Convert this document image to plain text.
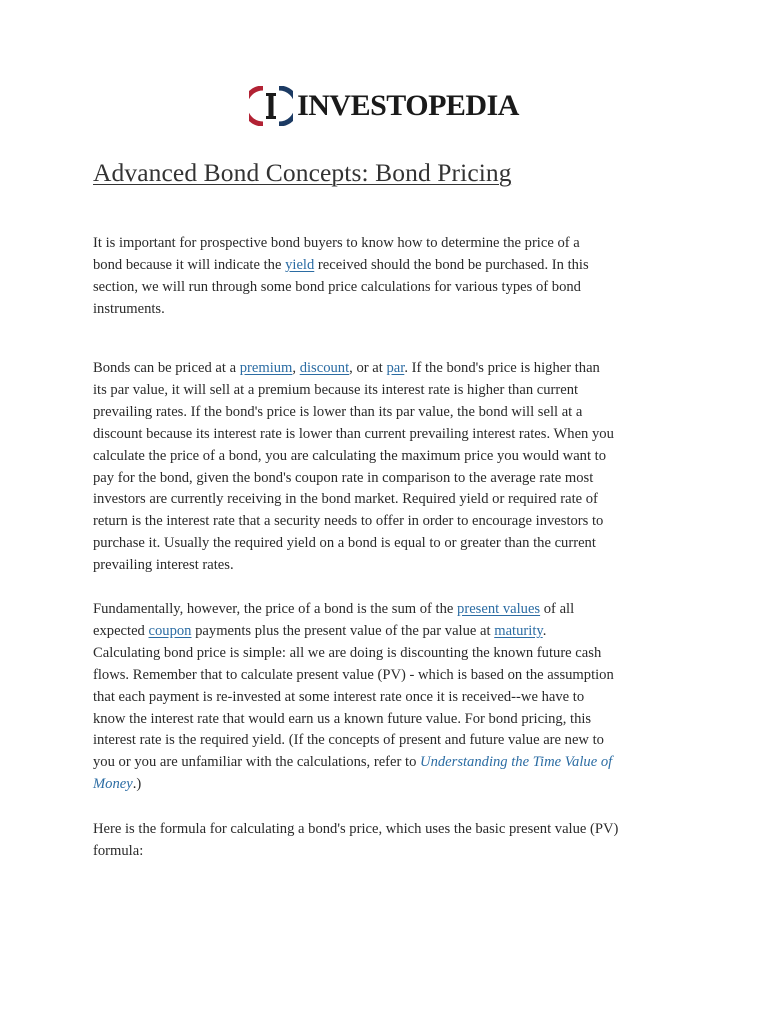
INVESTOPEDIA
Advanced Bond Concepts: Bond Pricing
It is important for prospective bond buyers to know how to determine the price of a
bond because it will indicate the yield received should the bond be purchased. In this
section, we will run through some bond price calculations for various types of bond
instruments.
Bonds can be priced at a premium, discount, or at par. If the bond's price is higher than
its par value, it will sell at a premium because its interest rate is higher than current
prevailing rates. If the bond's price is lower than its par value, the bond will sell at a
discount because its interest rate is lower than current prevailing interest rates. When you
calculate the price of a bond, you are calculating the maximum price you would want to
pay for the bond, given the bond's coupon rate in comparison to the average rate most
investors are currently receiving in the bond market. Required yield or required rate of
return is the interest rate that a security needs to offer in order to encourage investors to
purchase it. Usually the required yield on a bond is equal to or greater than the current
prevailing interest rates.
Fundamentally, however, the price of a bond is the sum of the present values of all
expected coupon payments plus the present value of the par value at maturity.
Calculating bond price is simple: all we are doing is discounting the known future cash
flows. Remember that to calculate present value (PV) - which is based on the assumption
that each payment is re-invested at some interest rate once it is received--we have to
know the interest rate that would earn us a known future value. For bond pricing, this
interest rate is the required yield. (If the concepts of present and future value are new to
you or you are unfamiliar with the calculations, refer to Understanding the Time Value of
Money.)
Here is the formula for calculating a bond's price, which uses the basic present value (PV)
formula:
